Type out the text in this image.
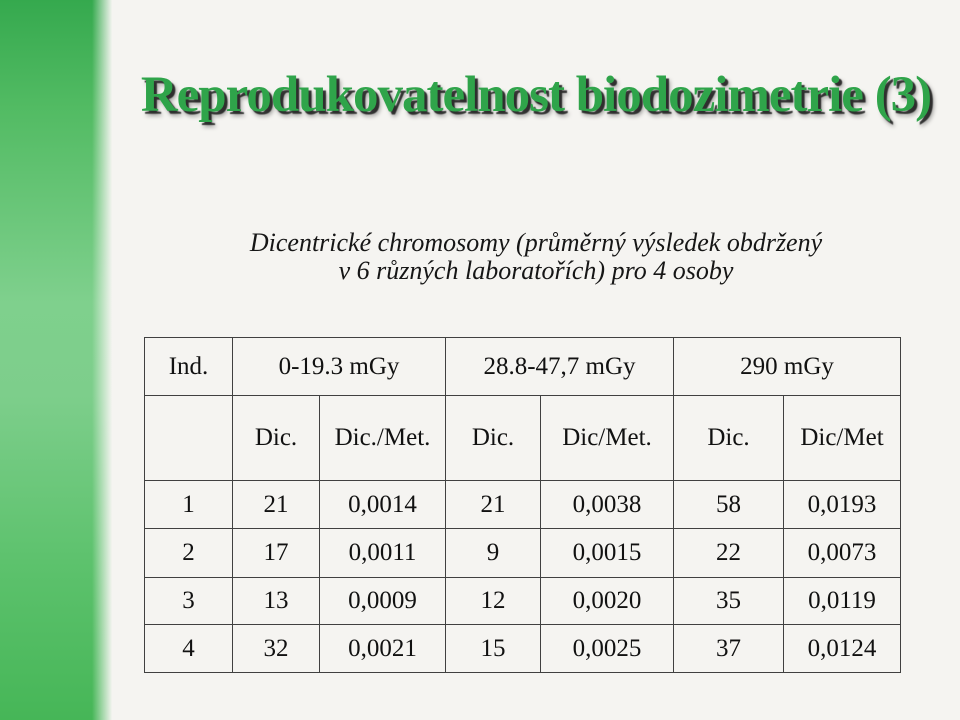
Reprodukovatelnost biodozimetrie (3)
Dicentrické chromosomy (průměrný výsledek obdržený
v 6 různých laboratořích) pro 4 osoby
Ind.	0-19.3 mGy		28.8-47,7 mGy		290 mGy	
	Dic.	Dic./Met.	Dic.	Dic/Met.	Dic.	Dic/Met
1	21	0,0014	21	0,0038	58	0,0193
2	17	0,0011	9	0,0015	22	0,0073
3	13	0,0009	12	0,0020	35	0,0119
4	32	0,0021	15	0,0025	37	0,0124
